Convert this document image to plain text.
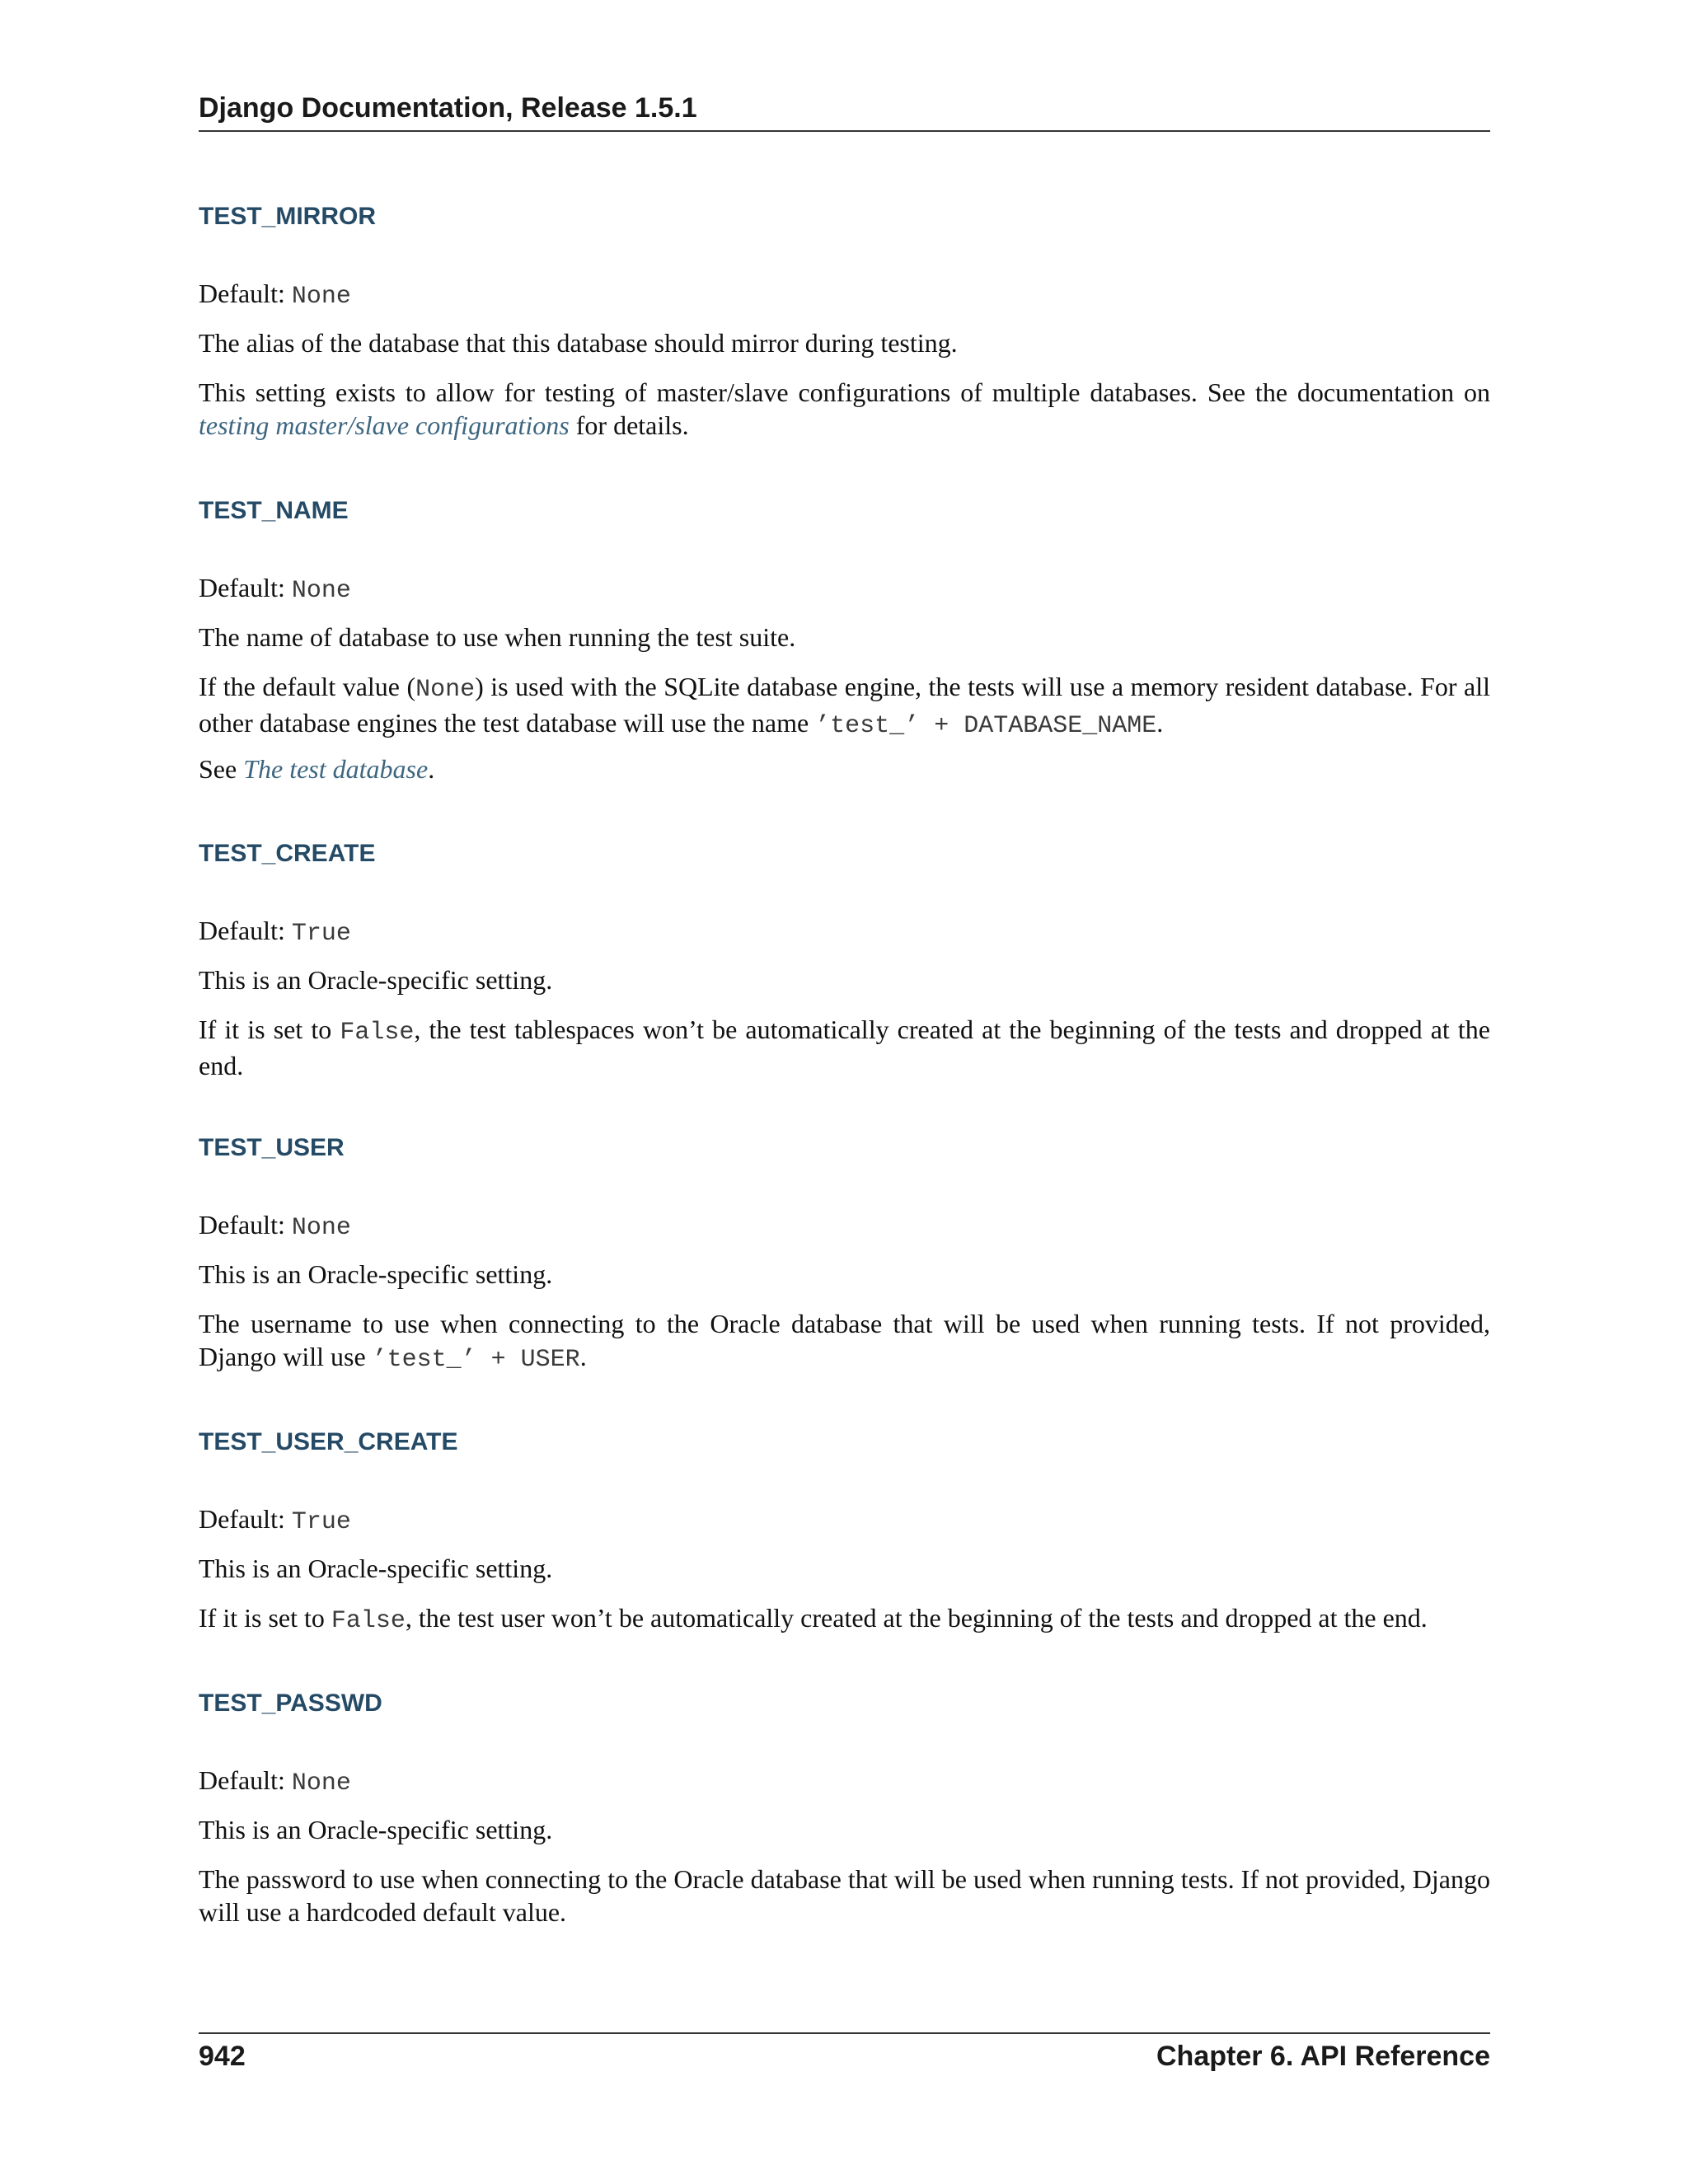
Django Documentation, Release 1.5.1
TEST_MIRROR

Default: None

The alias of the database that this database should mirror during testing.

This setting exists to allow for testing of master/slave configurations of multiple databases. See the documentation on testing master/slave configurations for details.

TEST_NAME

Default: None

The name of database to use when running the test suite.

If the default value (None) is used with the SQLite database engine, the tests will use a memory resident database. For all other database engines the test database will use the name ’test_’ + DATABASE_NAME.

See The test database.

TEST_CREATE

Default: True

This is an Oracle-specific setting.

If it is set to False, the test tablespaces won’t be automatically created at the beginning of the tests and dropped at the end.

TEST_USER

Default: None

This is an Oracle-specific setting.

The username to use when connecting to the Oracle database that will be used when running tests. If not provided, Django will use ’test_’ + USER.

TEST_USER_CREATE

Default: True

This is an Oracle-specific setting.

If it is set to False, the test user won’t be automatically created at the beginning of the tests and dropped at the end.

TEST_PASSWD

Default: None

This is an Oracle-specific setting.

The password to use when connecting to the Oracle database that will be used when running tests. If not provided, Django will use a hardcoded default value.

942	Chapter 6. API Reference
